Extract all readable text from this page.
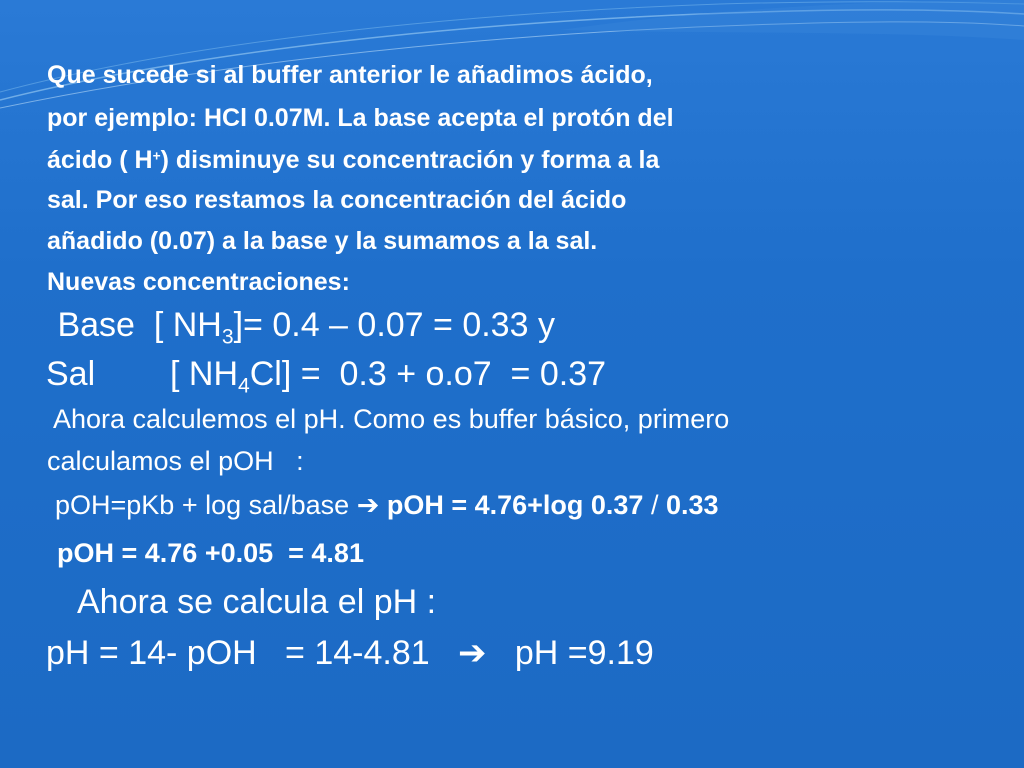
Que sucede si al buffer anterior le añadimos ácido,
por ejemplo: HCl 0.07M. La base acepta el protón del
ácido ( H+) disminuye su concentración y forma a la
sal. Por eso restamos la concentración del ácido
añadido (0.07) a la base y la sumamos a la sal.
Nuevas concentraciones:
Base  [ $NH_3]= 0.4 - 0.07 = 0.33$ y
Sal [ $NH_4Cl] = 0.3 + o.o7 = 0.37$
Ahora calculemos el pH. Como es buffer básico, primero
calculamos el pOH   :
pOH=pKb + log sal/base ➔ pOH = 4.76+log 0.37 / 0.33
pOH = 4.76 +0.05  = 4.81
Ahora se calcula el pH :
pH = 14- pOH   = 14-4.81   ➔   pH =9.19
